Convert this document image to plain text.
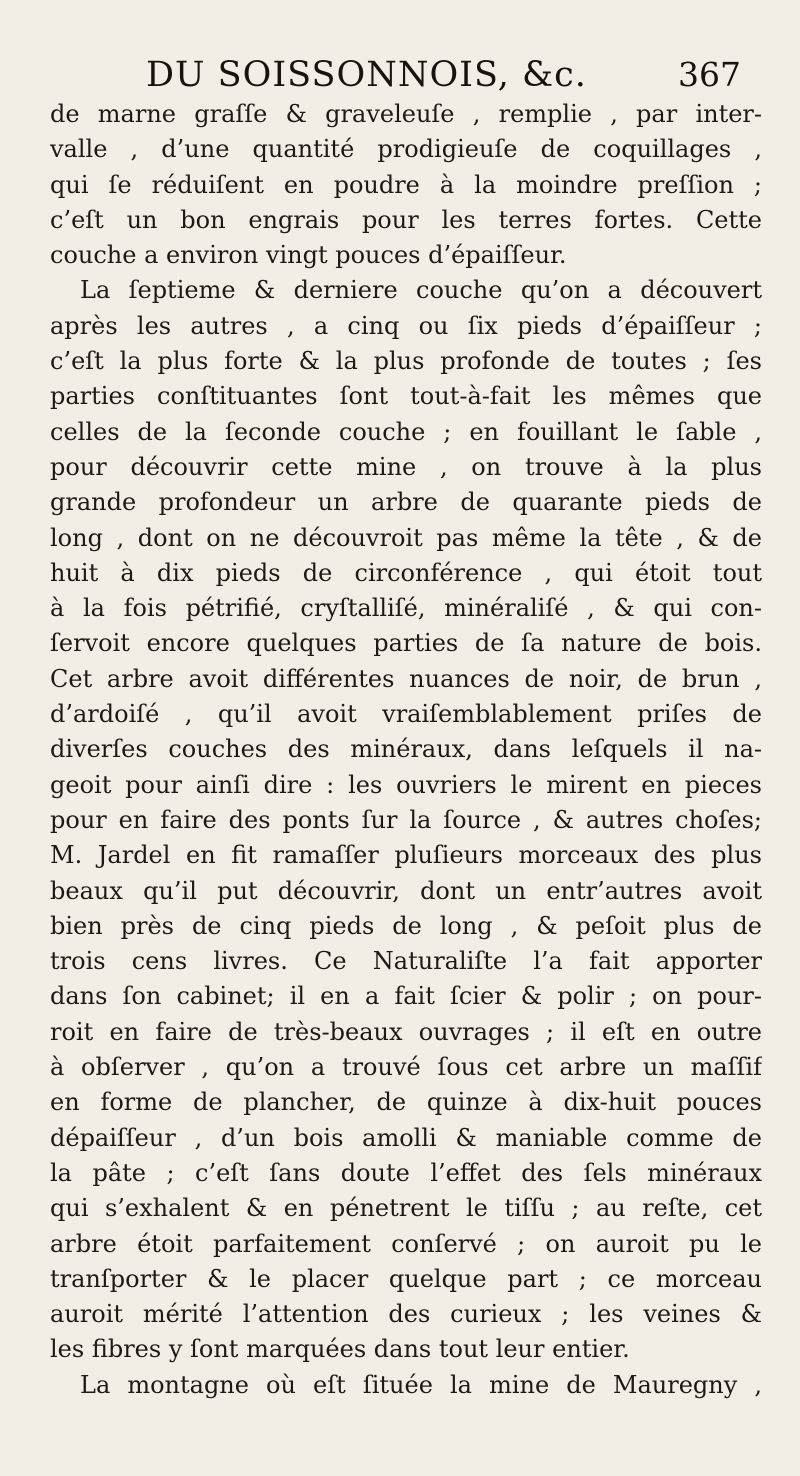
DU SOISSONNOIS, &c.	367
de marne graſſe & graveleuſe , remplie , par inter-
valle , d’une quantité prodigieuſe de coquillages ,
qui ſe réduiſent en poudre à la moindre preſſion ;
c’eſt un bon engrais pour les terres fortes. Cette
couche a environ vingt pouces d’épaiſſeur.
La ſeptieme & derniere couche qu’on a découvert
après les autres , a cinq ou ſix pieds d’épaiſſeur ;
c’eſt la plus forte & la plus profonde de toutes ; ſes
parties conſtituantes ſont tout-à-fait les mêmes que
celles de la ſeconde couche ; en fouillant le ſable ,
pour découvrir cette mine , on trouve à la plus
grande profondeur un arbre de quarante pieds de
long , dont on ne découvroit pas même la tête , & de
huit à dix pieds de circonférence , qui étoit tout
à la fois pétrifié, cryſtalliſé, minéraliſé , & qui con-
ſervoit encore quelques parties de ſa nature de bois.
Cet arbre avoit différentes nuances de noir, de brun ,
d’ardoiſé , qu’il avoit vraiſemblablement priſes de
diverſes couches des minéraux, dans leſquels il na-
geoit pour ainſi dire : les ouvriers le mirent en pieces
pour en faire des ponts ſur la ſource , & autres choſes;
M. Jardel en fit ramaſſer pluſieurs morceaux des plus
beaux qu’il put découvrir, dont un entr’autres avoit
bien près de cinq pieds de long , & peſoit plus de
trois cens livres. Ce Naturaliſte l’a fait apporter
dans ſon cabinet; il en a fait ſcier & polir ; on pour-
roit en faire de très-beaux ouvrages ; il eſt en outre
à obſerver , qu’on a trouvé ſous cet arbre un maſſif
en forme de plancher, de quinze à dix-huit pouces
dépaiſſeur , d’un bois amolli & maniable comme de
la pâte ; c’eſt ſans doute l’effet des ſels minéraux
qui s’exhalent & en pénetrent le tiſſu ; au reſte, cet
arbre étoit parfaitement conſervé ; on auroit pu le
tranſporter & le placer quelque part ; ce morceau
auroit mérité l’attention des curieux ; les veines &
les fibres y ſont marquées dans tout leur entier.
La montagne où eſt ſituée la mine de Mauregny ,
